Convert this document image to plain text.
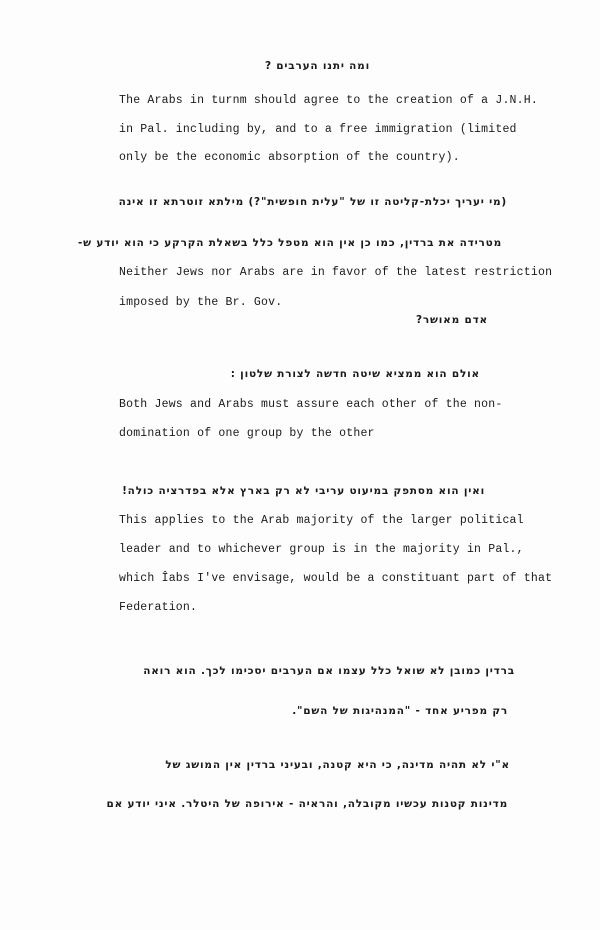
ומה יתנו הערבים ?
The Arabs in turnm should agree to the creation of a J.N.H.
in Pal. including by, and to a free immigration (limited
only be the economic absorption of the country).
(מי יעריך יכלת-קליטה זו של "עלית חופשית"?) מילתא זוטרתא זו אינה
מטרידה את ברדין, כמו כן אין הוא מטפל כלל בשאלת הקרקע כי הוא יודע ש-
Neither Jews nor Arabs are in favor of the latest restriction
imposed by the Br. Gov.
אדם מאושר?
אולם הוא ממציא שיטה חדשה לצורת שלטון :
Both Jews and Arabs must assure each other of the non-
domination of one group by the other
ואין הוא מסתפק במיעוט עריבי לא רק בארץ אלא בפדרציה כולה!
This applies to the Arab majority of the larger political
leader and to whichever group is in the majority in Pal.,
which Îabs I've envisage, would be a constituant part of that
Federation.
ברדין כמובן לא שואל כלל עצמו אם הערבים יסכימו לכך. הוא רואה
רק מפריע אחד - "המנהיגות של השם".
א"י לא תהיה מדינה, כי היא קטנה, ובעיני ברדין אין המושג של
מדינות קטנות עכשיו מקובלה, והראיה - אירופה של היטלר. איני יודע אם
